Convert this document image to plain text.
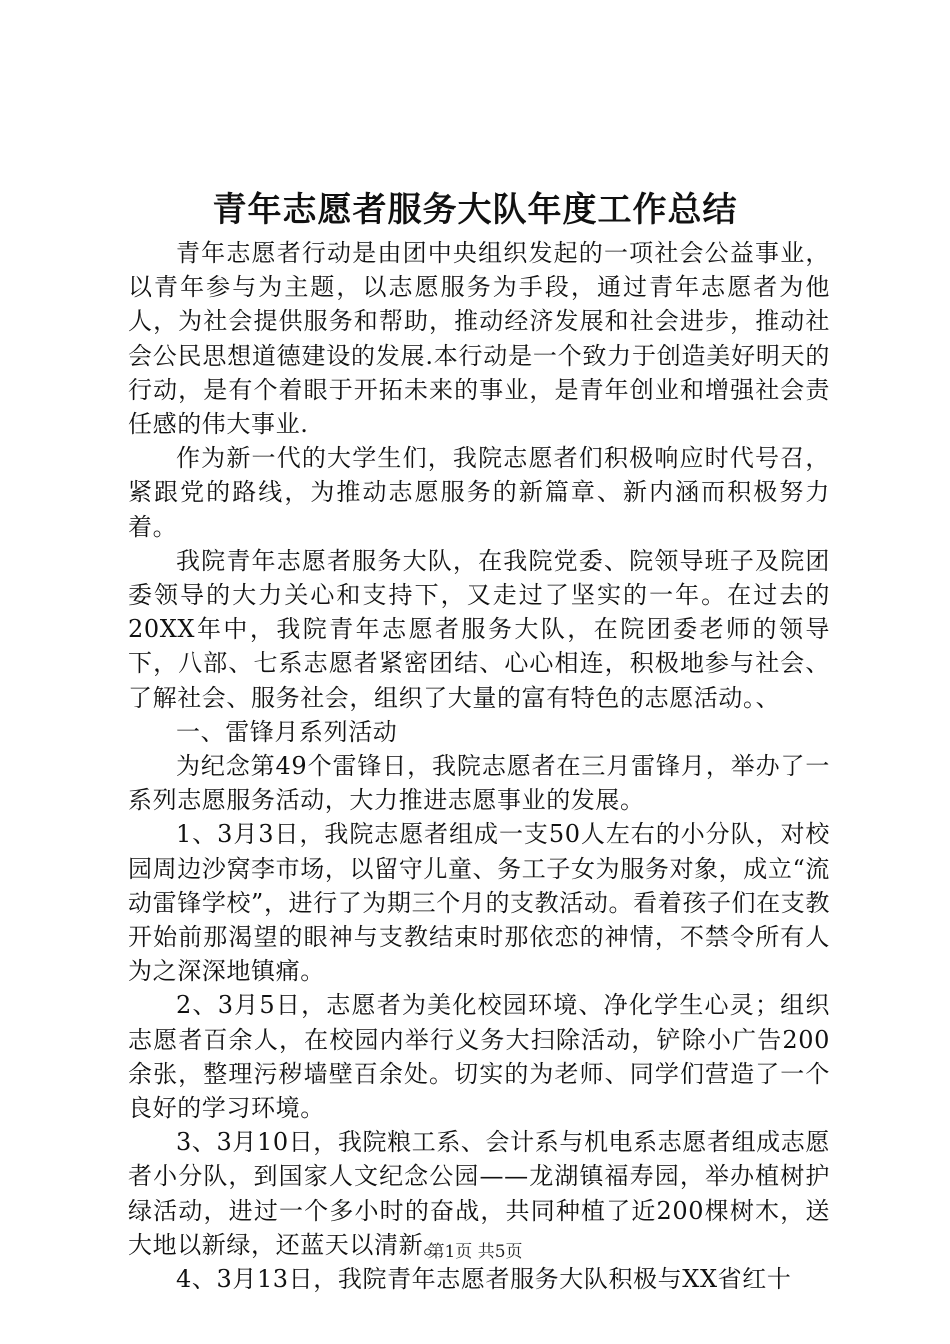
青年志愿者服务大队年度工作总结

青年志愿者行动是由团中央组织发起的一项社会公益事业，以青年参与为主题，以志愿服务为手段，通过青年志愿者为他人，为社会提供服务和帮助，推动经济发展和社会进步，推动社会公民思想道德建设的发展.本行动是一个致力于创造美好明天的行动，是有个着眼于开拓未来的事业，是青年创业和增强社会责任感的伟大事业.

作为新一代的大学生们，我院志愿者们积极响应时代号召，紧跟党的路线，为推动志愿服务的新篇章、新内涵而积极努力着。

我院青年志愿者服务大队，在我院党委、院领导班子及院团委领导的大力关心和支持下，又走过了坚实的一年。在过去的20XX年中，我院青年志愿者服务大队，在院团委老师的领导下，八部、七系志愿者紧密团结、心心相连，积极地参与社会、了解社会、服务社会，组织了大量的富有特色的志愿活动。、

一、雷锋月系列活动

为纪念第49个雷锋日，我院志愿者在三月雷锋月，举办了一系列志愿服务活动，大力推进志愿事业的发展。

1、3月3日，我院志愿者组成一支50人左右的小分队，对校园周边沙窝李市场，以留守儿童、务工子女为服务对象，成立“流动雷锋学校”，进行了为期三个月的支教活动。看着孩子们在支教开始前那渴望的眼神与支教结束时那依恋的神情，不禁令所有人为之深深地镇痛。

2、3月5日，志愿者为美化校园环境、净化学生心灵；组织志愿者百余人，在校园内举行义务大扫除活动，铲除小广告200余张，整理污秽墙壁百余处。切实的为老师、同学们营造了一个良好的学习环境。

3、3月10日，我院粮工系、会计系与机电系志愿者组成志愿者小分队，到国家人文纪念公园——龙湖镇福寿园，举办植树护绿活动，进过一个多小时的奋战，共同种植了近200棵树木，送大地以新绿，还蓝天以清新。

4、3月13日，我院青年志愿者服务大队积极与XX省红十

第1页 共5页
